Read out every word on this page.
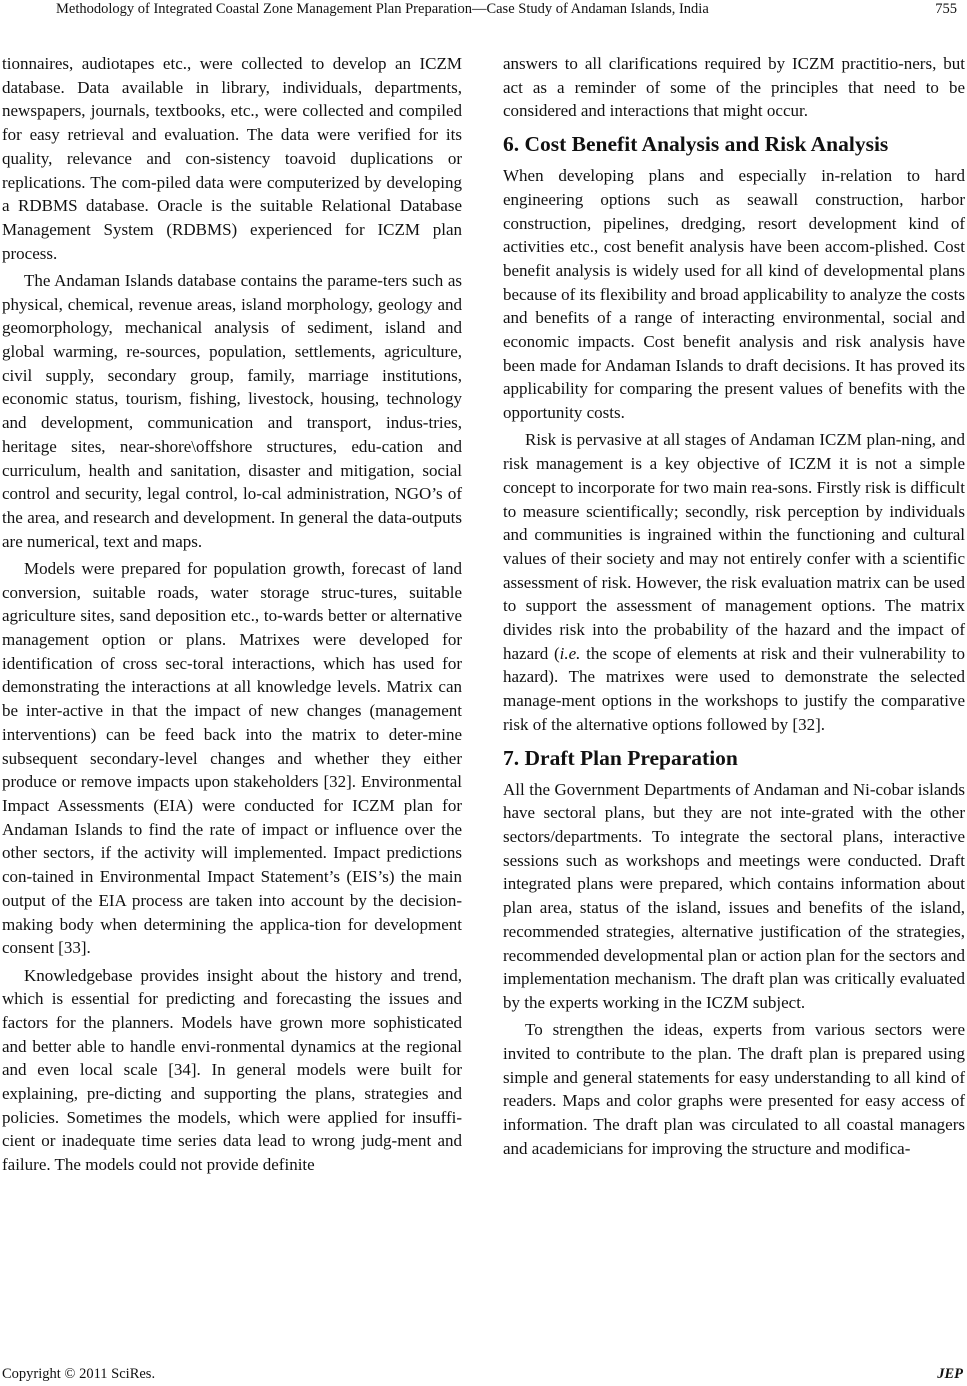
Methodology of Integrated Coastal Zone Management Plan Preparation—Case Study of Andaman Islands, India	755

tionnaires, audiotapes etc., were collected to develop an ICZM database. Data available in library, individuals, departments, newspapers, journals, textbooks, etc., were collected and compiled for easy retrieval and evaluation. The data were verified for its quality, relevance and con-sistency toavoid duplications or replications. The com-piled data were computerized by developing a RDBMS database. Oracle is the suitable Relational Database Management System (RDBMS) experienced for ICZM plan process.

The Andaman Islands database contains the parame-ters such as physical, chemical, revenue areas, island morphology, geology and geomorphology, mechanical analysis of sediment, island and global warming, re-sources, population, settlements, agriculture, civil supply, secondary group, family, marriage institutions, economic status, tourism, fishing, livestock, housing, technology and development, communication and transport, indus-tries, heritage sites, near-shore\offshore structures, edu-cation and curriculum, health and sanitation, disaster and mitigation, social control and security, legal control, lo-cal administration, NGO’s of the area, and research and development. In general the data-outputs are numerical, text and maps.

Models were prepared for population growth, forecast of land conversion, suitable roads, water storage struc-tures, suitable agriculture sites, sand deposition etc., to-wards better or alternative management option or plans. Matrixes were developed for identification of cross sec-toral interactions, which has used for demonstrating the interactions at all knowledge levels. Matrix can be inter-active in that the impact of new changes (management interventions) can be feed back into the matrix to deter-mine subsequent secondary-level changes and whether they either produce or remove impacts upon stakeholders [32]. Environmental Impact Assessments (EIA) were conducted for ICZM plan for Andaman Islands to find the rate of impact or influence over the other sectors, if the activity will implemented. Impact predictions con-tained in Environmental Impact Statement’s (EIS’s) the main output of the EIA process are taken into account by the decision-making body when determining the applica-tion for development consent [33].

Knowledgebase provides insight about the history and trend, which is essential for predicting and forecasting the issues and factors for the planners. Models have grown more sophisticated and better able to handle envi-ronmental dynamics at the regional and even local scale [34]. In general models were built for explaining, pre-dicting and supporting the plans, strategies and policies. Sometimes the models, which were applied for insuffi-cient or inadequate time series data lead to wrong judg-ment and failure. The models could not provide definite

answers to all clarifications required by ICZM practitio-ners, but act as a reminder of some of the principles that need to be considered and interactions that might occur.

6. Cost Benefit Analysis and Risk Analysis

When developing plans and especially in-relation to hard engineering options such as seawall construction, harbor construction, pipelines, dredging, resort development kind of activities etc., cost benefit analysis have been accom-plished. Cost benefit analysis is widely used for all kind of developmental plans because of its flexibility and broad applicability to analyze the costs and benefits of a range of interacting environmental, social and economic impacts. Cost benefit analysis and risk analysis have been made for Andaman Islands to draft decisions. It has proved its applicability for comparing the present values of benefits with the opportunity costs.

Risk is pervasive at all stages of Andaman ICZM plan-ning, and risk management is a key objective of ICZM it is not a simple concept to incorporate for two main rea-sons. Firstly risk is difficult to measure scientifically; secondly, risk perception by individuals and communities is ingrained within the functioning and cultural values of their society and may not entirely confer with a scientific assessment of risk. However, the risk evaluation matrix can be used to support the assessment of management options. The matrix divides risk into the probability of the hazard and the impact of hazard (i.e. the scope of elements at risk and their vulnerability to hazard). The matrixes were used to demonstrate the selected manage-ment options in the workshops to justify the comparative risk of the alternative options followed by [32].

7. Draft Plan Preparation

All the Government Departments of Andaman and Ni-cobar islands have sectoral plans, but they are not inte-grated with the other sectors/departments. To integrate the sectoral plans, interactive sessions such as workshops and meetings were conducted. Draft integrated plans were prepared, which contains information about plan area, status of the island, issues and benefits of the island, recommended strategies, alternative justification of the strategies, recommended developmental plan or action plan for the sectors and implementation mechanism. The draft plan was critically evaluated by the experts working in the ICZM subject.

To strengthen the ideas, experts from various sectors were invited to contribute to the plan. The draft plan is prepared using simple and general statements for easy understanding to all kind of readers. Maps and color graphs were presented for easy access of information. The draft plan was circulated to all coastal managers and academicians for improving the structure and modifica-

Copyright © 2011 SciRes.	JEP
